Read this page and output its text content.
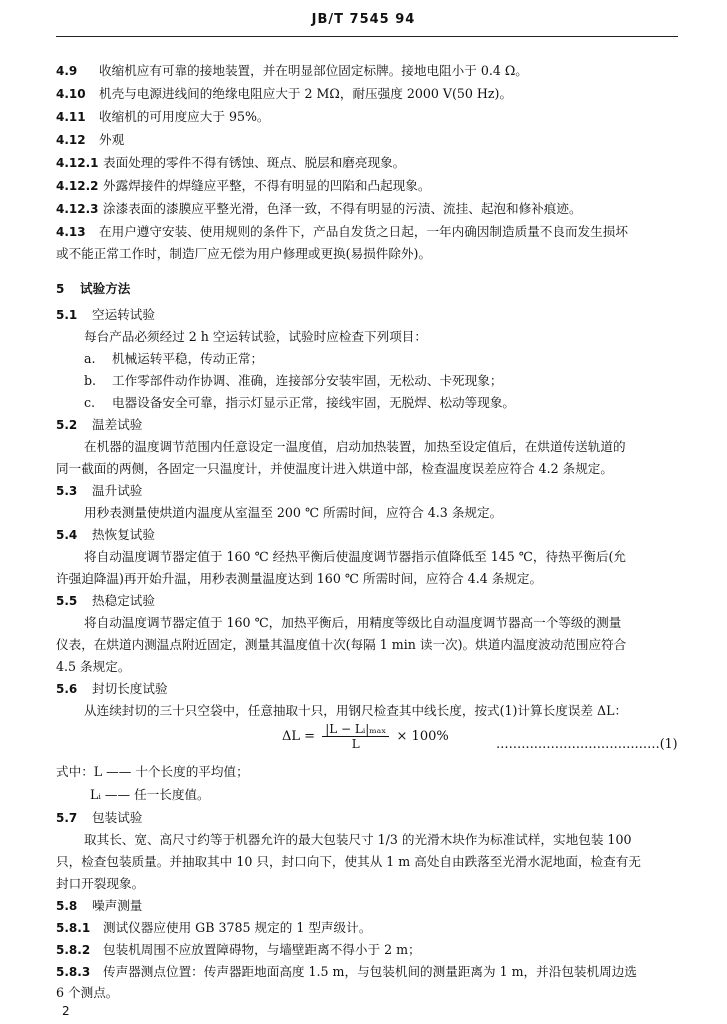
JB/T 7545 94
4.9 收缩机应有可靠的接地装置，并在明显部位固定标牌。接地电阻小于 0.4 Ω。
4.10 机壳与电源进线间的绝缘电阻应大于 2 MΩ，耐压强度 2000 V(50 Hz)。
4.11 收缩机的可用度应大于 95%。
4.12 外观
4.12.1 表面处理的零件不得有锈蚀、斑点、脱层和磨亮现象。
4.12.2 外露焊接件的焊缝应平整，不得有明显的凹陷和凸起现象。
4.12.3 涂漆表面的漆膜应平整光滑，色泽一致，不得有明显的污渍、流挂、起泡和修补痕迹。
4.13 在用户遵守安装、使用规则的条件下，产品自发货之日起，一年内确因制造质量不良而发生损坏
或不能正常工作时，制造厂应无偿为用户修理或更换(易损件除外)。
5 试验方法
5.1 空运转试验
每台产品必须经过 2 h 空运转试验，试验时应检查下列项目：
a. 机械运转平稳，传动正常；
b. 工作零部件动作协调、准确，连接部分安装牢固，无松动、卡死现象；
c. 电器设备安全可靠，指示灯显示正常，接线牢固，无脱焊、松动等现象。
5.2 温差试验
在机器的温度调节范围内任意设定一温度值，启动加热装置，加热至设定值后，在烘道传送轨道的
同一截面的两侧，各固定一只温度计，并使温度计进入烘道中部，检查温度误差应符合 4.2 条规定。
5.3 温升试验
用秒表测量使烘道内温度从室温至 200 ℃ 所需时间，应符合 4.3 条规定。
5.4 热恢复试验
将自动温度调节器定值于 160 ℃ 经热平衡后使温度调节器指示值降低至 145 ℃，待热平衡后(允
许强迫降温)再开始升温，用秒表测量温度达到 160 ℃ 所需时间，应符合 4.4 条规定。
5.5 热稳定试验
将自动温度调节器定值于 160 ℃，加热平衡后，用精度等级比自动温度调节器高一个等级的测量
仪表，在烘道内测温点附近固定，测量其温度值十次(每隔 1 min 读一次)。烘道内温度波动范围应符合
4.5 条规定。
5.6 封切长度试验
从连续封切的三十只空袋中，任意抽取十只，用钢尺检查其中线长度，按式(1)计算长度误差 ΔL：
$\Delta L = \frac{\text{|L − Lᵢ|ₘₐₓ}}{L} \times 100\%$	…………………………………(1)
式中：L —— 十个长度的平均值；
Lᵢ —— 任一长度值。
5.7 包装试验
取其长、宽、高尺寸约等于机器允许的最大包装尺寸 1/3 的光滑木块作为标准试样，实地包装 100
只，检查包装质量。并抽取其中 10 只，封口向下，使其从 1 m 高处自由跌落至光滑水泥地面，检查有无
封口开裂现象。
5.8 噪声测量
5.8.1 测试仪器应使用 GB 3785 规定的 1 型声级计。
5.8.2 包装机周围不应放置障碍物，与墙壁距离不得小于 2 m；
5.8.3 传声器测点位置：传声器距地面高度 1.5 m，与包装机间的测量距离为 1 m，并沿包装机周边选
6 个测点。
2
